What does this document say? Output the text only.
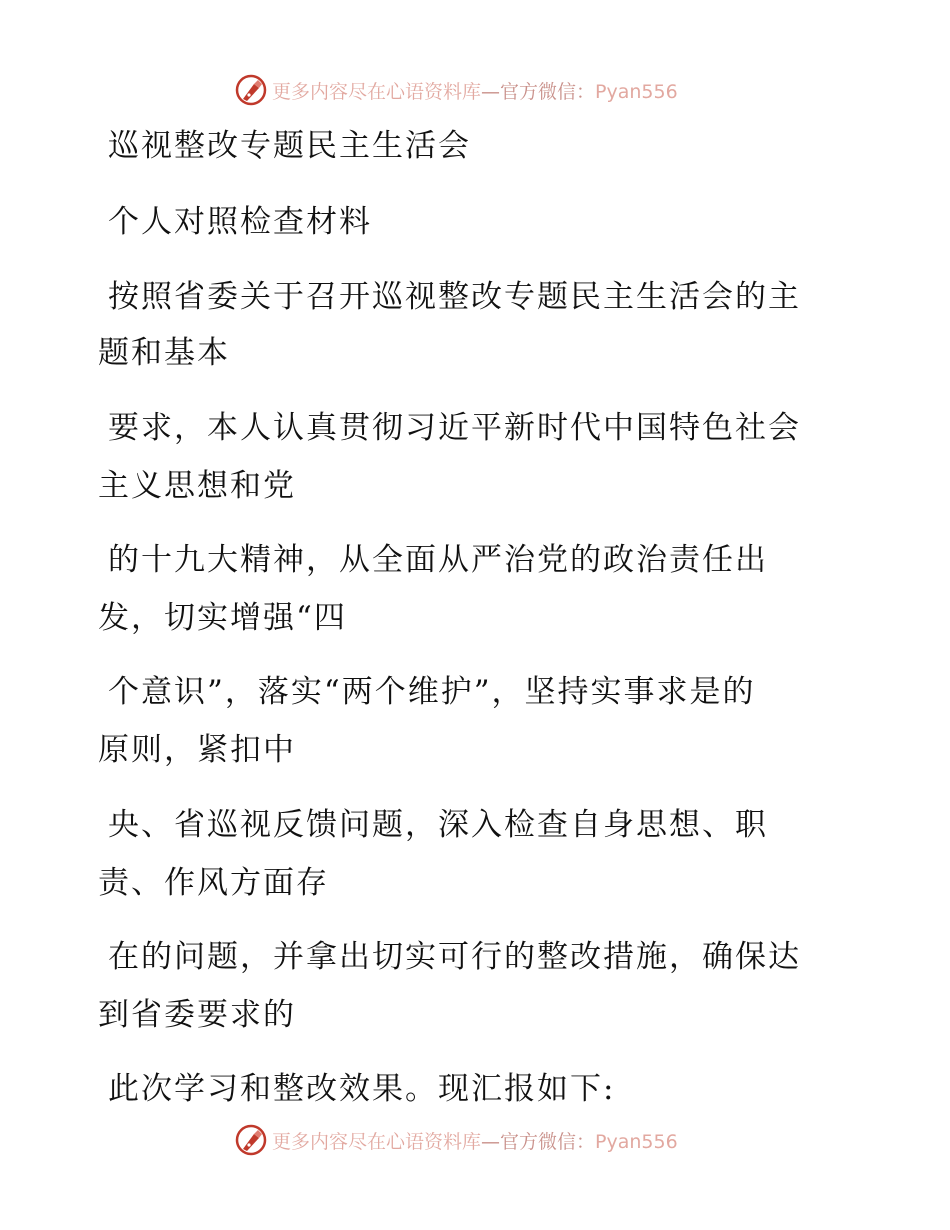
更多内容尽在心语资料库—官方微信：Pyan556
巡视整改专题民主生活会
个人对照检查材料
按照省委关于召开巡视整改专题民主生活会的主
题和基本
要求，本人认真贯彻习近平新时代中国特色社会
主义思想和党
的十九大精神，从全面从严治党的政治责任出
发，切实增强“四
个意识”，落实“两个维护”，坚持实事求是的
原则，紧扣中
央、省巡视反馈问题，深入检查自身思想、职
责、作风方面存
在的问题，并拿出切实可行的整改措施，确保达
到省委要求的
此次学习和整改效果。现汇报如下:
更多内容尽在心语资料库—官方微信：Pyan556
